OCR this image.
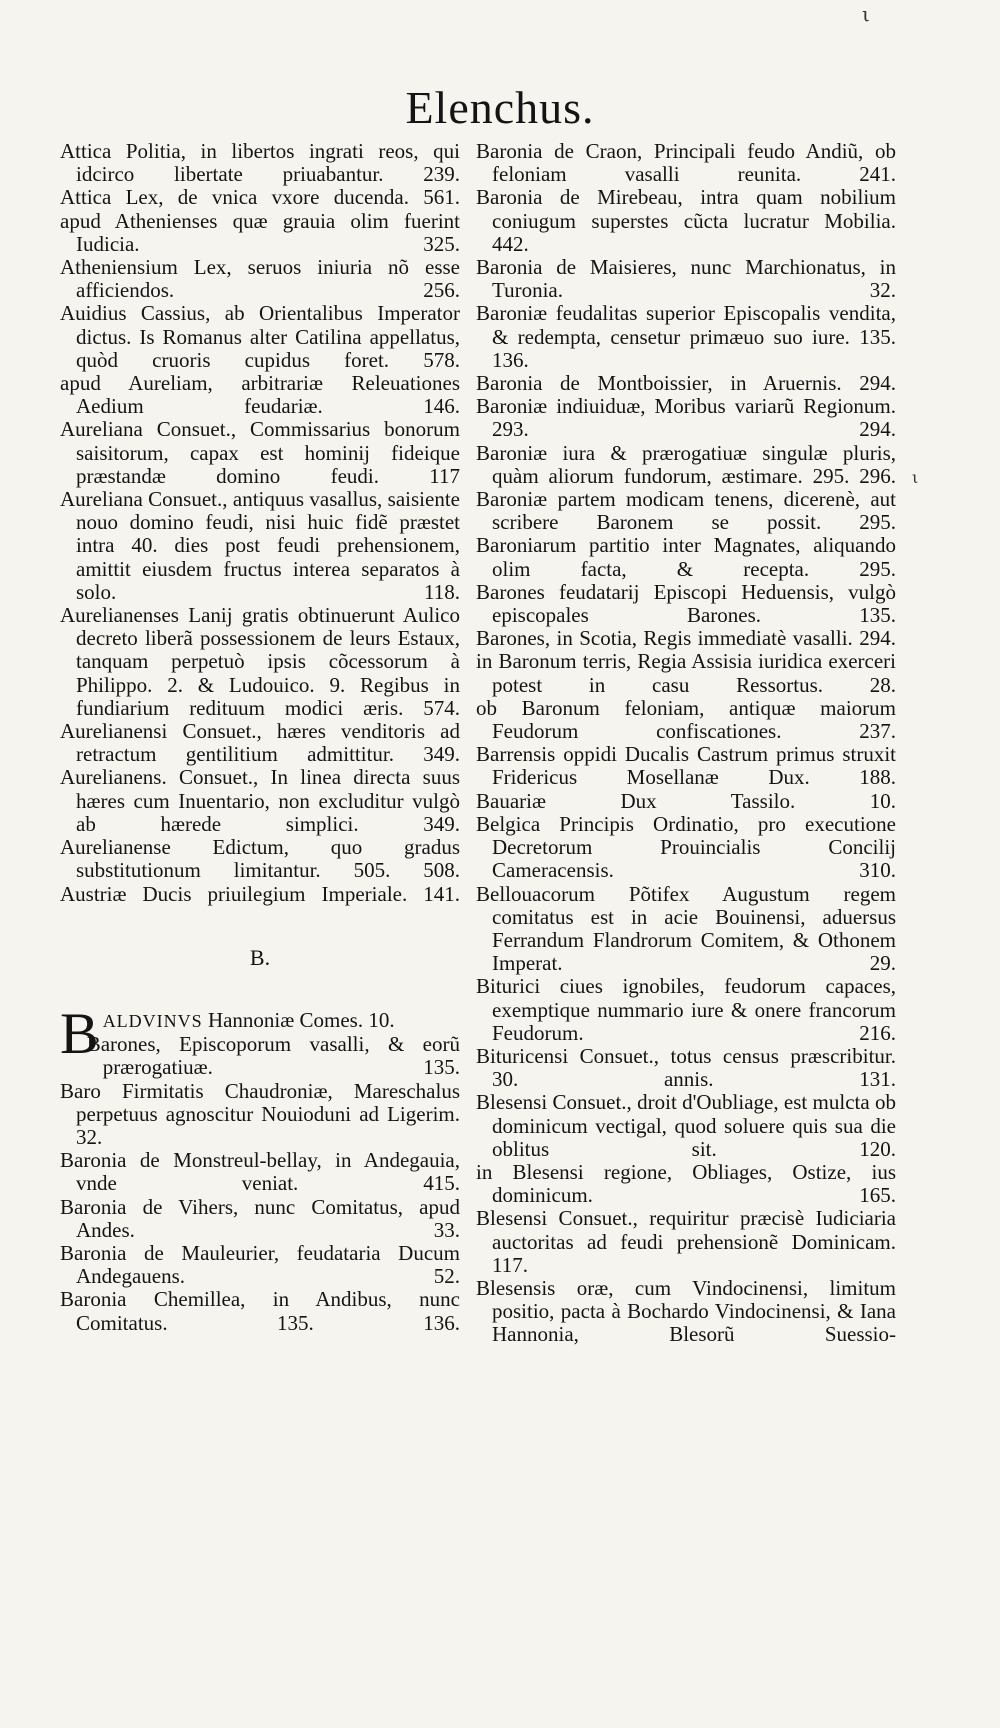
Elenchus.

Attica Politia, in libertos ingrati reos, qui idcirco libertate priuabantur. 239.

Attica Lex, de vnica vxore ducenda. 561.

apud Athenienses quæ grauia olim fuerint Iudicia. 325.

Atheniensium Lex, seruos iniuria nõ esse afficiendos. 256.

Auidius Cassius, ab Orientalibus Imperator dictus. Is Romanus alter Catilina appellatus, quòd cruoris cupidus foret. 578.

apud Aureliam, arbitrariæ Releuationes Aedium feudariæ. 146.

Aureliana Consuet., Commissarius bonorum saisitorum, capax est hominij fideique præstandæ domino feudi. 117

Aureliana Consuet., antiquus vasallus, saisiente nouo domino feudi, nisi huic fidẽ præstet intra 40. dies post feudi prehensionem, amittit eiusdem fructus interea separatos à solo. 118.

Aurelianenses Lanij gratis obtinuerunt Aulico decreto liberã possessionem de leurs Estaux, tanquam perpetuò ipsis cõcessorum à Philippo. 2. & Ludouico. 9. Regibus in fundiarium redituum modici æris. 574.

Aurelianensi Consuet., hæres venditoris ad retractum gentilitium admittitur. 349.

Aurelianens. Consuet., In linea directa suus hæres cum Inuentario, non excluditur vulgò ab hærede simplici. 349.

Aurelianense Edictum, quo gradus substitutionum limitantur. 505. 508.

Austriæ Ducis priuilegium Imperiale. 141.

B.

B ALDVINVS Hannoniæ Comes. 10.

Barones, Episcoporum vasalli, & eorũ prærogatiuæ. 135.

Baro Firmitatis Chaudroniæ, Mareschalus perpetuus agnoscitur Nouioduni ad Ligerim. 32.

Baronia de Monstreul-bellay, in Andegauia, vnde veniat. 415.

Baronia de Vihers, nunc Comitatus, apud Andes. 33.

Baronia de Mauleurier, feudataria Ducum Andegauens. 52.

Baronia Chemillea, in Andibus, nunc Comitatus. 135. 136.

Baronia de Craon, Principali feudo Andiũ, ob feloniam vasalli reunita. 241.

Baronia de Mirebeau, intra quam nobilium coniugum superstes cũcta lucratur Mobilia. 442.

Baronia de Maisieres, nunc Marchionatus, in Turonia. 32.

Baroniæ feudalitas superior Episcopalis vendita, & redempta, censetur primæuo suo iure. 135. 136.

Baronia de Montboissier, in Aruernis. 294.

Baroniæ indiuiduæ, Moribus variarũ Regionum. 293. 294.

Baroniæ iura & prærogatiuæ singulæ pluris, quàm aliorum fundorum, æstimare. 295. 296.

Baroniæ partem modicam tenens, dicerenè, aut scribere Baronem se possit. 295.

Baroniarum partitio inter Magnates, aliquando olim facta, & recepta. 295.

Barones feudatarij Episcopi Heduensis, vulgò episcopales Barones. 135.

Barones, in Scotia, Regis immediatè vasalli. 294.

in Baronum terris, Regia Assisia iuridica exerceri potest in casu Ressortus. 28.

ob Baronum feloniam, antiquæ maiorum Feudorum confiscationes. 237.

Barrensis oppidi Ducalis Castrum primus struxit Fridericus Mosellanæ Dux. 188.

Bauariæ Dux Tassilo. 10.

Belgica Principis Ordinatio, pro executione Decretorum Prouincialis Concilij Cameracensis. 310.

Bellouacorum Põtifex Augustum regem comitatus est in acie Bouinensi, aduersus Ferrandum Flandrorum Comitem, & Othonem Imperat. 29.

Biturici ciues ignobiles, feudorum capaces, exemptique nummario iure & onere francorum Feudorum. 216.

Bituricensi Consuet., totus census præscribitur. 30. annis. 131.

Blesensi Consuet., droit d'Oubliage, est mulcta ob dominicum vectigal, quod soluere quis sua die oblitus sit. 120.

in Blesensi regione, Obliages, Ostize, ius dominicum. 165.

Blesensi Consuet., requiritur præcisè Iudiciaria auctoritas ad feudi prehensionẽ Dominicam. 117.

Blesensis oræ, cum Vindocinensi, limitum positio, pacta à Bochardo Vindocinensi, & Iana Hannonia, Blesorũ Suessio-

ι
ι
